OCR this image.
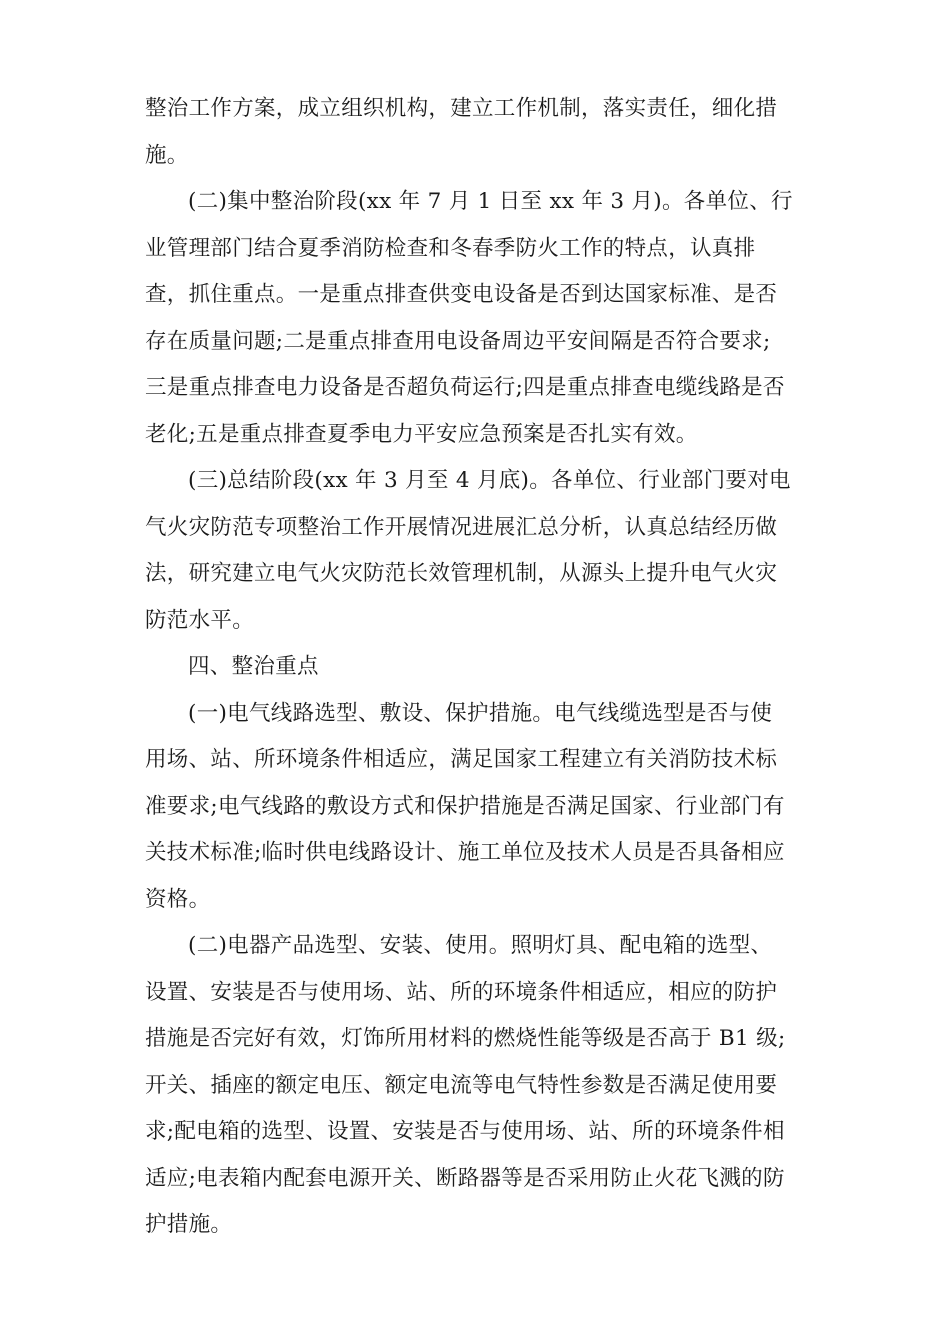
整治工作方案，成立组织机构，建立工作机制，落实责任，细化措
施。
(二)集中整治阶段(xx 年 7 月 1 日至 xx 年 3 月)。各单位、行
业管理部门结合夏季消防检查和冬春季防火工作的特点，认真排
查，抓住重点。一是重点排查供变电设备是否到达国家标准、是否
存在质量问题;二是重点排查用电设备周边平安间隔是否符合要求;
三是重点排查电力设备是否超负荷运行;四是重点排查电缆线路是否
老化;五是重点排查夏季电力平安应急预案是否扎实有效。
(三)总结阶段(xx 年 3 月至 4 月底)。各单位、行业部门要对电
气火灾防范专项整治工作开展情况进展汇总分析，认真总结经历做
法，研究建立电气火灾防范长效管理机制，从源头上提升电气火灾
防范水平。
四、整治重点
(一)电气线路选型、敷设、保护措施。电气线缆选型是否与使
用场、站、所环境条件相适应，满足国家工程建立有关消防技术标
准要求;电气线路的敷设方式和保护措施是否满足国家、行业部门有
关技术标准;临时供电线路设计、施工单位及技术人员是否具备相应
资格。
(二)电器产品选型、安装、使用。照明灯具、配电箱的选型、
设置、安装是否与使用场、站、所的环境条件相适应，相应的防护
措施是否完好有效，灯饰所用材料的燃烧性能等级是否高于 B1 级;
开关、插座的额定电压、额定电流等电气特性参数是否满足使用要
求;配电箱的选型、设置、安装是否与使用场、站、所的环境条件相
适应;电表箱内配套电源开关、断路器等是否采用防止火花飞溅的防
护措施。
